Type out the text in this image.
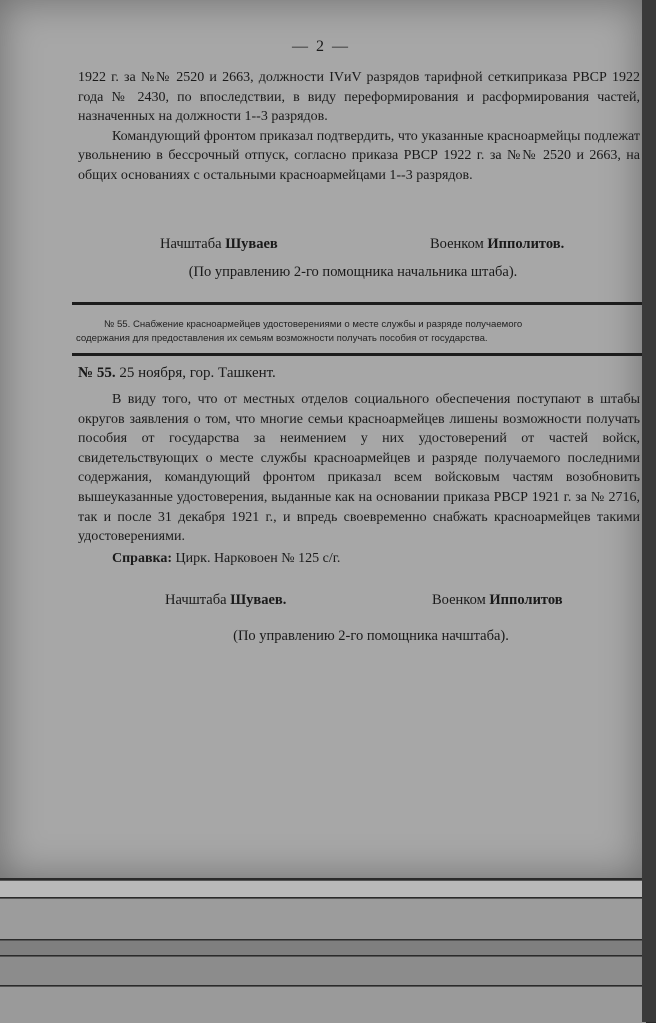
— 2 —

1922 г. за №№ 2520 и 2663, должности IVиV разрядов тарифной сеткиприказа РВСР 1922 года № 2430, по впоследствии, в виду переформирования и расформирования частей, назначенных на должности 1--3 разрядов.

Командующий фронтом приказал подтвердить, что указанные красноармейцы подлежат увольнению в бессрочный отпуск, согласно приказа РВСР 1922 г. за №№ 2520 и 2663, на общих основаниях с остальными красноармейцами 1--3 разрядов.

Начштаба Шуваев	Военком Ипполитов.
(По управлению 2-го помощника начальника штаба).

№ 55. Снабжение красноармейцев удостоверениями о месте службы и разряде получаемого

содержания для предоставления их семьям возможности получать пособия от государства.

№ 55. 25 ноября, гор. Ташкент.

В виду того, что от местных отделов социального обеспечения поступают в штабы округов заявления о том, что многие семьи красноармейцев лишены возможности получать пособия от государства за неимением у них удостоверений от частей войск, свидетельствующих о месте службы красноармейцев и разряде получаемого последними содержания, командующий фронтом приказал всем войсковым частям возобновить вышеуказанные удостоверения, выданные как на основании приказа РВСР 1921 г. за № 2716, так и после 31 декабря 1921 г., и впредь своевременно снабжать красноармейцев такими удостоверениями.

Справка: Цирк. Нарковоен № 125 с/г.

Начштаба Шуваев.	Военком Ипполитов
(По управлению 2-го помощника начштаба).
